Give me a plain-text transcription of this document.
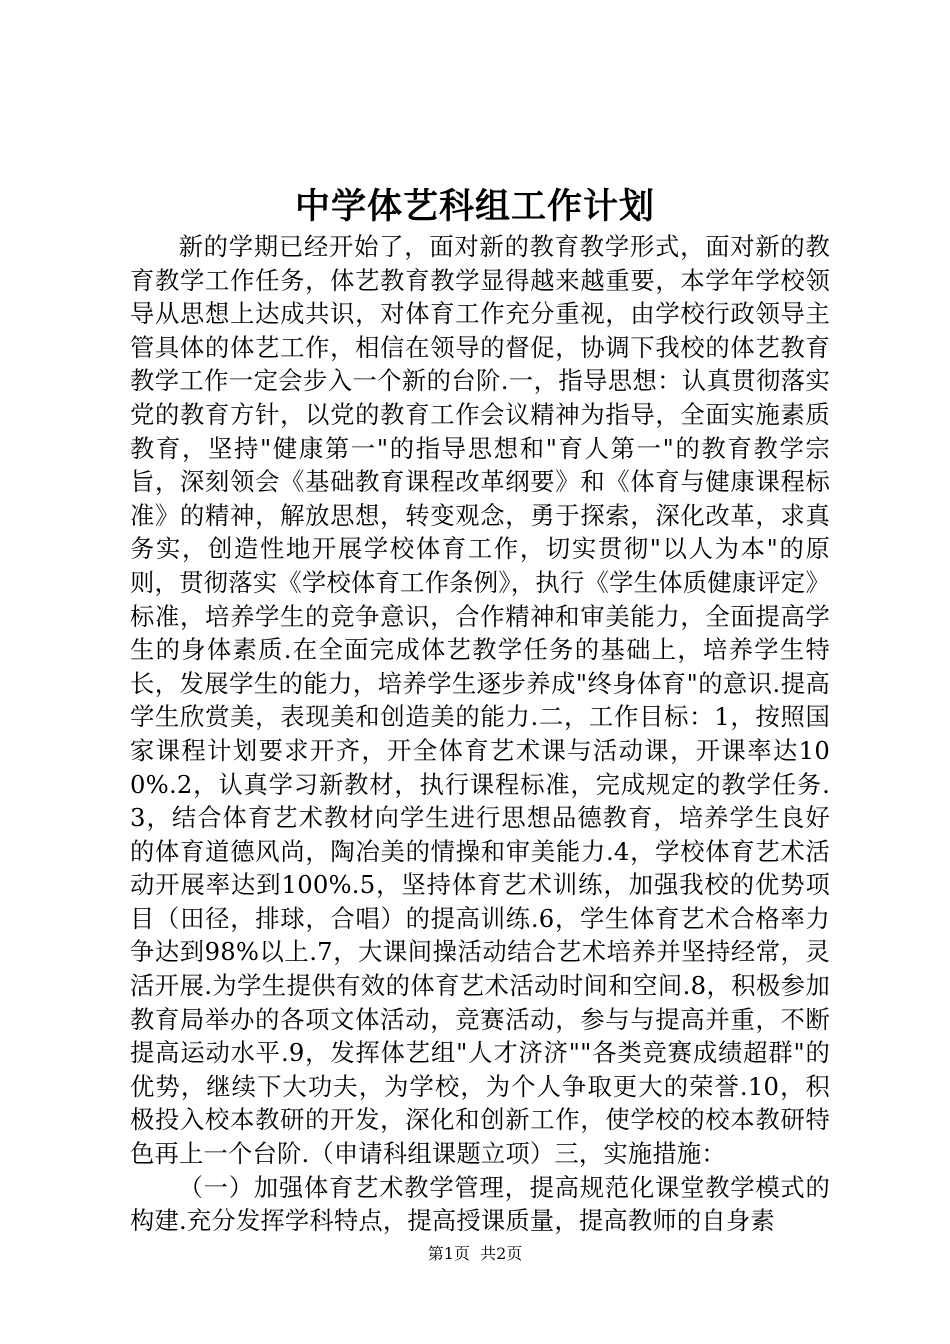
中学体艺科组工作计划

新的学期已经开始了，面对新的教育教学形式，面对新的教育教学工作任务，体艺教育教学显得越来越重要，本学年学校领导从思想上达成共识，对体育工作充分重视，由学校行政领导主管具体的体艺工作，相信在领导的督促，协调下我校的体艺教育教学工作一定会步入一个新的台阶.一，指导思想：认真贯彻落实党的教育方针，以党的教育工作会议精神为指导，全面实施素质教育，坚持"健康第一"的指导思想和"育人第一"的教育教学宗旨，深刻领会《基础教育课程改革纲要》和《体育与健康课程标准》的精神，解放思想，转变观念，勇于探索，深化改革，求真务实，创造性地开展学校体育工作，切实贯彻"以人为本"的原则，贯彻落实《学校体育工作条例》，执行《学生体质健康评定》标准，培养学生的竞争意识，合作精神和审美能力，全面提高学生的身体素质.在全面完成体艺教学任务的基础上，培养学生特长，发展学生的能力，培养学生逐步养成"终身体育"的意识.提高学生欣赏美，表现美和创造美的能力.二，工作目标：1，按照国家课程计划要求开齐，开全体育艺术课与活动课，开课率达100%.2，认真学习新教材，执行课程标准，完成规定的教学任务.3，结合体育艺术教材向学生进行思想品德教育，培养学生良好的体育道德风尚，陶冶美的情操和审美能力.4，学校体育艺术活动开展率达到100%.5，坚持体育艺术训练，加强我校的优势项目（田径，排球，合唱）的提高训练.6，学生体育艺术合格率力争达到98%以上.7，大课间操活动结合艺术培养并坚持经常，灵活开展.为学生提供有效的体育艺术活动时间和空间.8，积极参加教育局举办的各项文体活动，竞赛活动，参与与提高并重，不断提高运动水平.9，发挥体艺组"人才济济""各类竞赛成绩超群"的优势，继续下大功夫，为学校，为个人争取更大的荣誉.10，积极投入校本教研的开发，深化和创新工作，使学校的校本教研特色再上一个台阶.（申请科组课题立项）三，实施措施：

（一）加强体育艺术教学管理，提高规范化课堂教学模式的构建.充分发挥学科特点，提高授课质量，提高教师的自身素

第1页 共2页
